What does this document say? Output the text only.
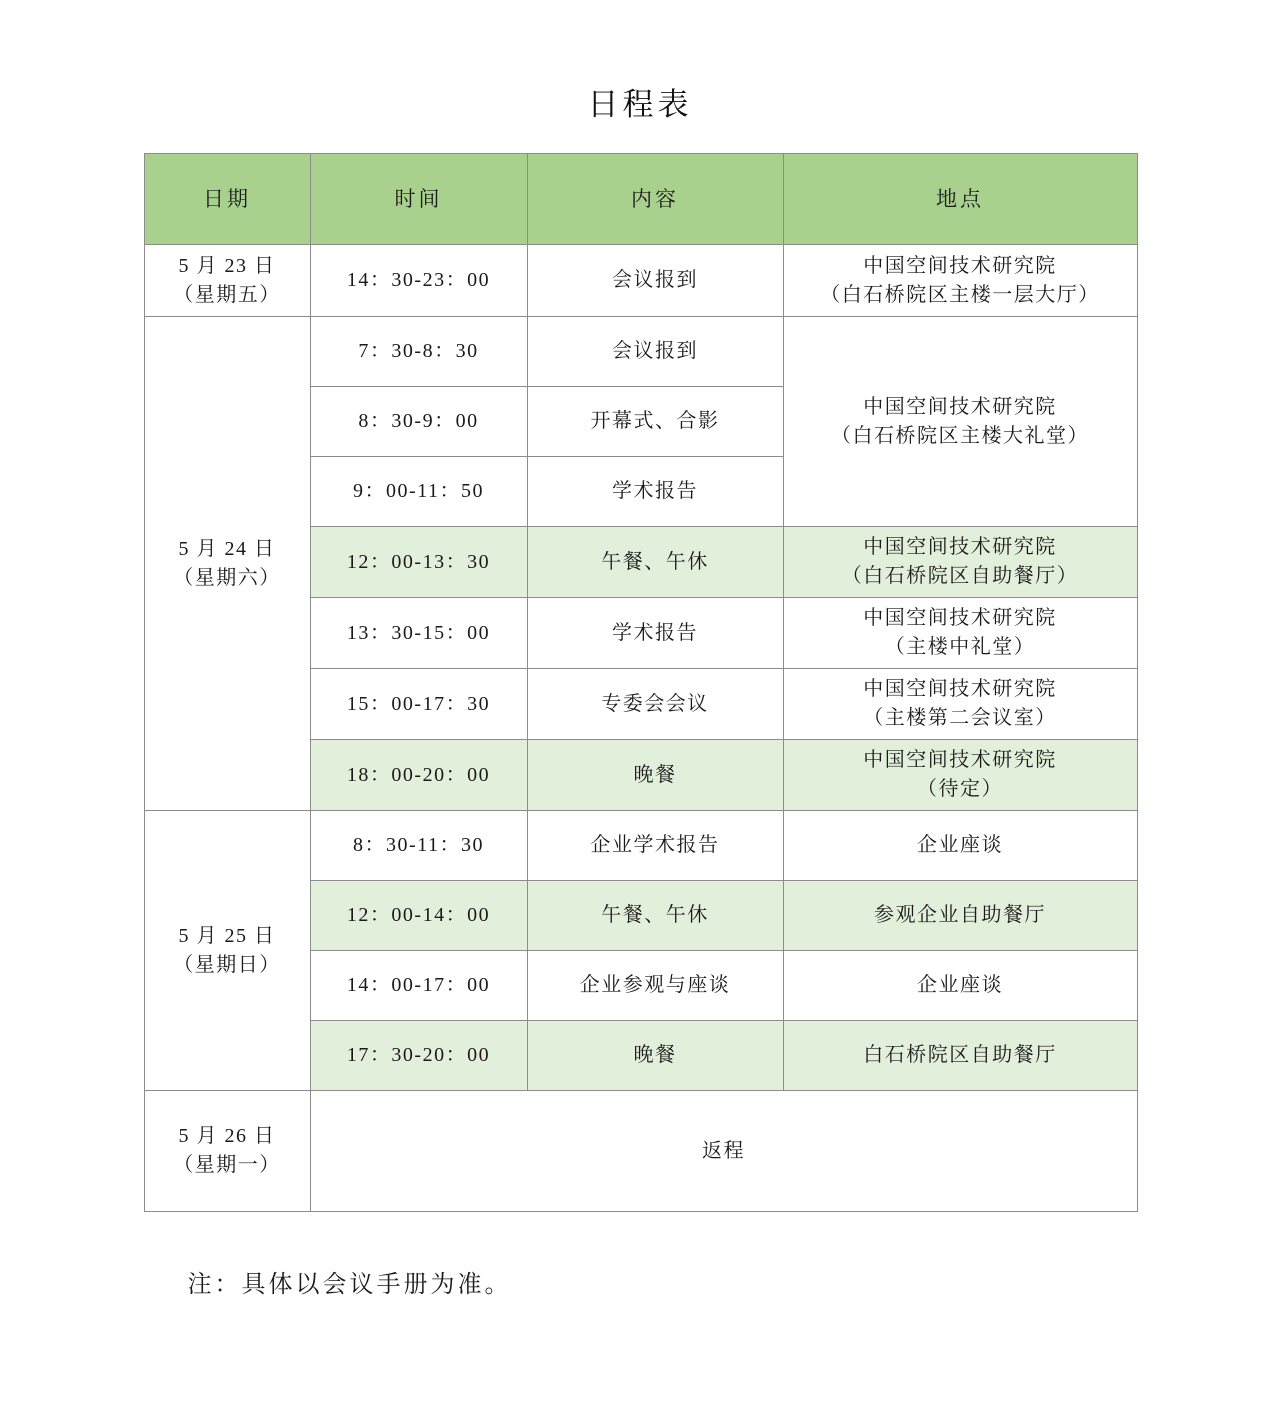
日程表
日期	时间	内容	地点

5 月 23 日
（星期五）	14：30-23：00	会议报到	中国空间技术研究院
（白石桥院区主楼一层大厅）

5 月 24 日
（星期六）	7：30-8：30	会议报到	中国空间技术研究院
（白石桥院区主楼大礼堂）

	8：30-9：00	开幕式、合影	
	9：00-11：50	学术报告	
	12：00-13：30	午餐、午休	中国空间技术研究院
（白石桥院区自助餐厅）

	13：30-15：00	学术报告	中国空间技术研究院
（主楼中礼堂）

	15：00-17：30	专委会会议	中国空间技术研究院
（主楼第二会议室）

	18：00-20：00	晚餐	中国空间技术研究院
（待定）

5 月 25 日
（星期日）	8：30-11：30	企业学术报告	企业座谈
	12：00-14：00	午餐、午休	参观企业自助餐厅
	14：00-17：00	企业参观与座谈	企业座谈
	17：30-20：00	晚餐	白石桥院区自助餐厅

5 月 26 日
（星期一）	返程		
注：具体以会议手册为准。
